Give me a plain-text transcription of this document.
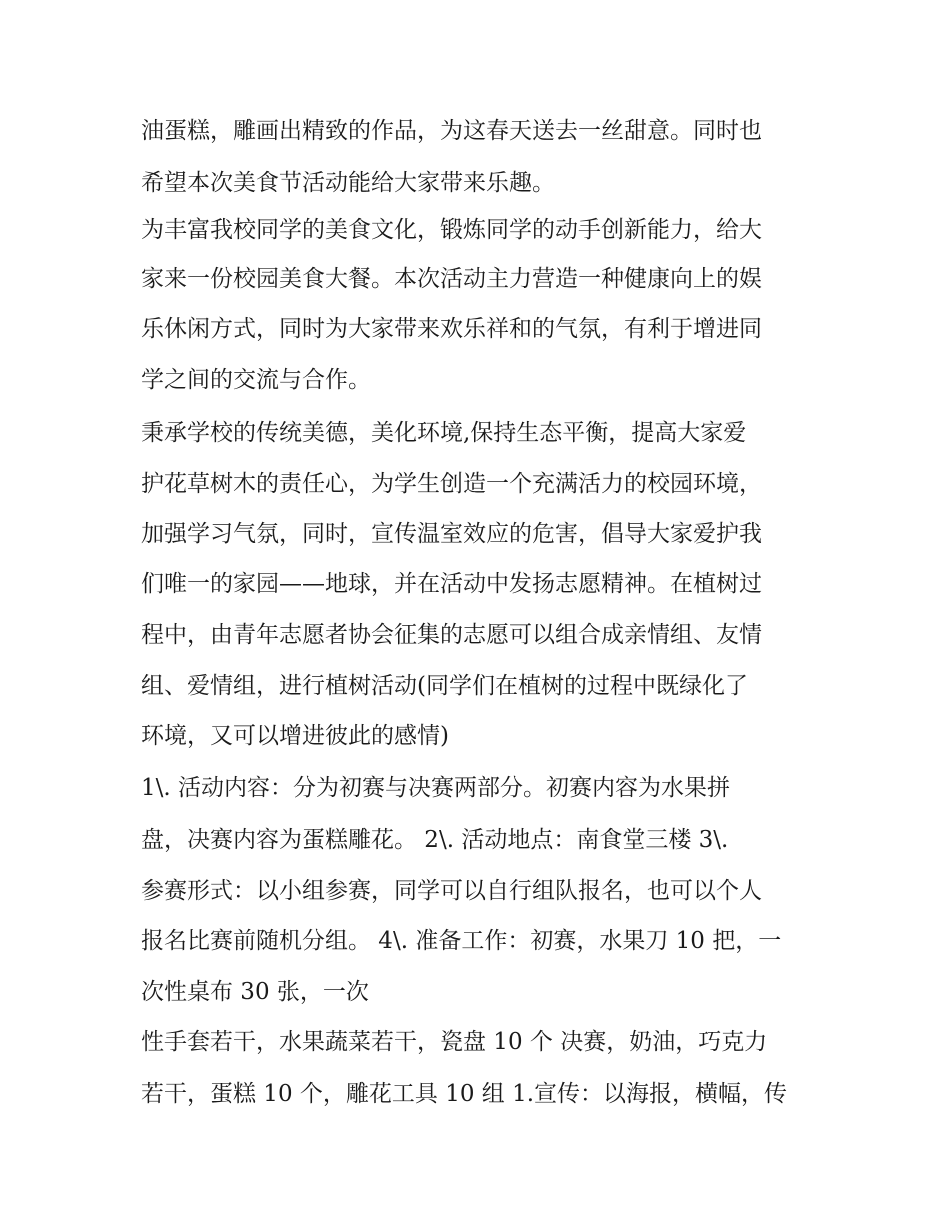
油蛋糕，雕画出精致的作品，为这春天送去一丝甜意。同时也
希望本次美食节活动能给大家带来乐趣。
为丰富我校同学的美食文化，锻炼同学的动手创新能力，给大
家来一份校园美食大餐。本次活动主力营造一种健康向上的娱
乐休闲方式，同时为大家带来欢乐祥和的气氛，有利于增进同
学之间的交流与合作。
秉承学校的传统美德，美化环境,保持生态平衡，提高大家爱
护花草树木的责任心，为学生创造一个充满活力的校园环境，
加强学习气氛，同时，宣传温室效应的危害，倡导大家爱护我
们唯一的家园——地球，并在活动中发扬志愿精神。在植树过
程中，由青年志愿者协会征集的志愿可以组合成亲情组、友情
组、爱情组，进行植树活动(同学们在植树的过程中既绿化了
环境，又可以增进彼此的感情)
1\. 活动内容：分为初赛与决赛两部分。初赛内容为水果拼
盘，决赛内容为蛋糕雕花。 2\. 活动地点：南食堂三楼 3\.
参赛形式：以小组参赛，同学可以自行组队报名，也可以个人
报名比赛前随机分组。 4\. 准备工作：初赛，水果刀 10 把，一
次性桌布 30 张，一次
性手套若干，水果蔬菜若干，瓷盘 10 个 决赛，奶油，巧克力
若干，蛋糕 10 个，雕花工具 10 组 1.宣传：以海报，横幅，传
